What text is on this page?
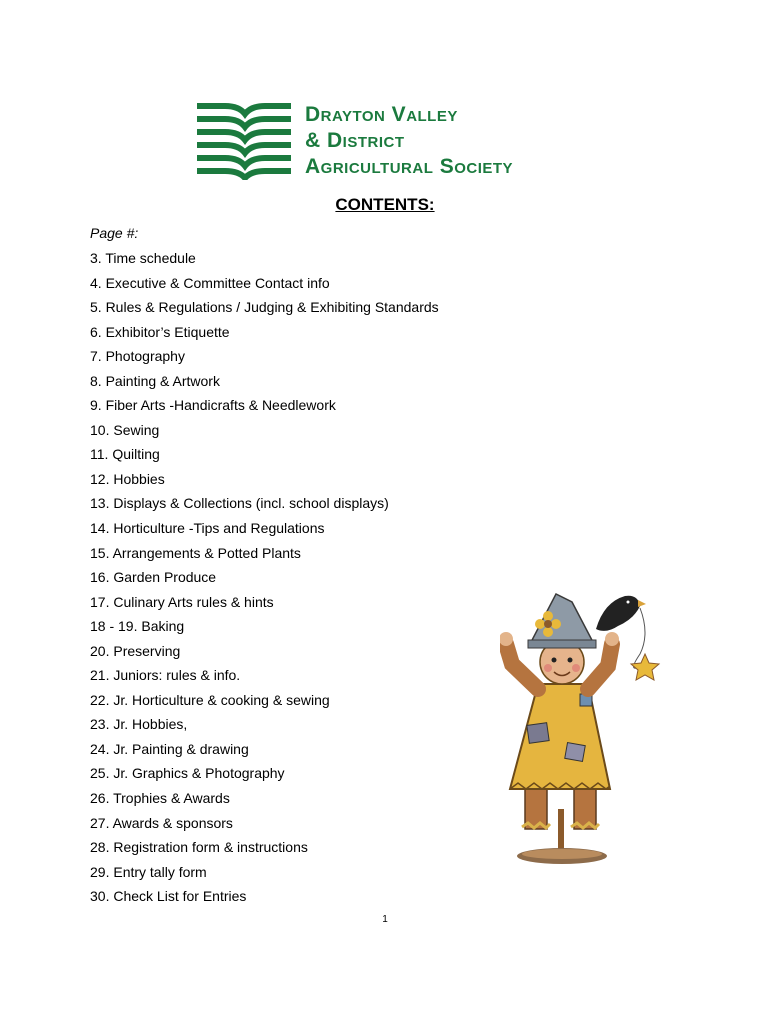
Drayton Valley
& District
Agricultural Society
CONTENTS:
Page #:
3. Time schedule
4. Executive & Committee Contact info
5. Rules & Regulations / Judging & Exhibiting Standards
6. Exhibitor’s Etiquette
7. Photography
8. Painting & Artwork
9. Fiber Arts -Handicrafts & Needlework
10. Sewing
11. Quilting
12. Hobbies
13. Displays & Collections (incl. school displays)
14. Horticulture -Tips and Regulations
15. Arrangements & Potted Plants
16. Garden Produce
17. Culinary Arts rules & hints
18 - 19. Baking
20. Preserving
21. Juniors: rules & info.
22. Jr. Horticulture & cooking & sewing
23. Jr. Hobbies,
24. Jr. Painting & drawing
25. Jr. Graphics & Photography
26. Trophies & Awards
27. Awards & sponsors
28. Registration form & instructions
29. Entry tally form
30. Check List for Entries
1
